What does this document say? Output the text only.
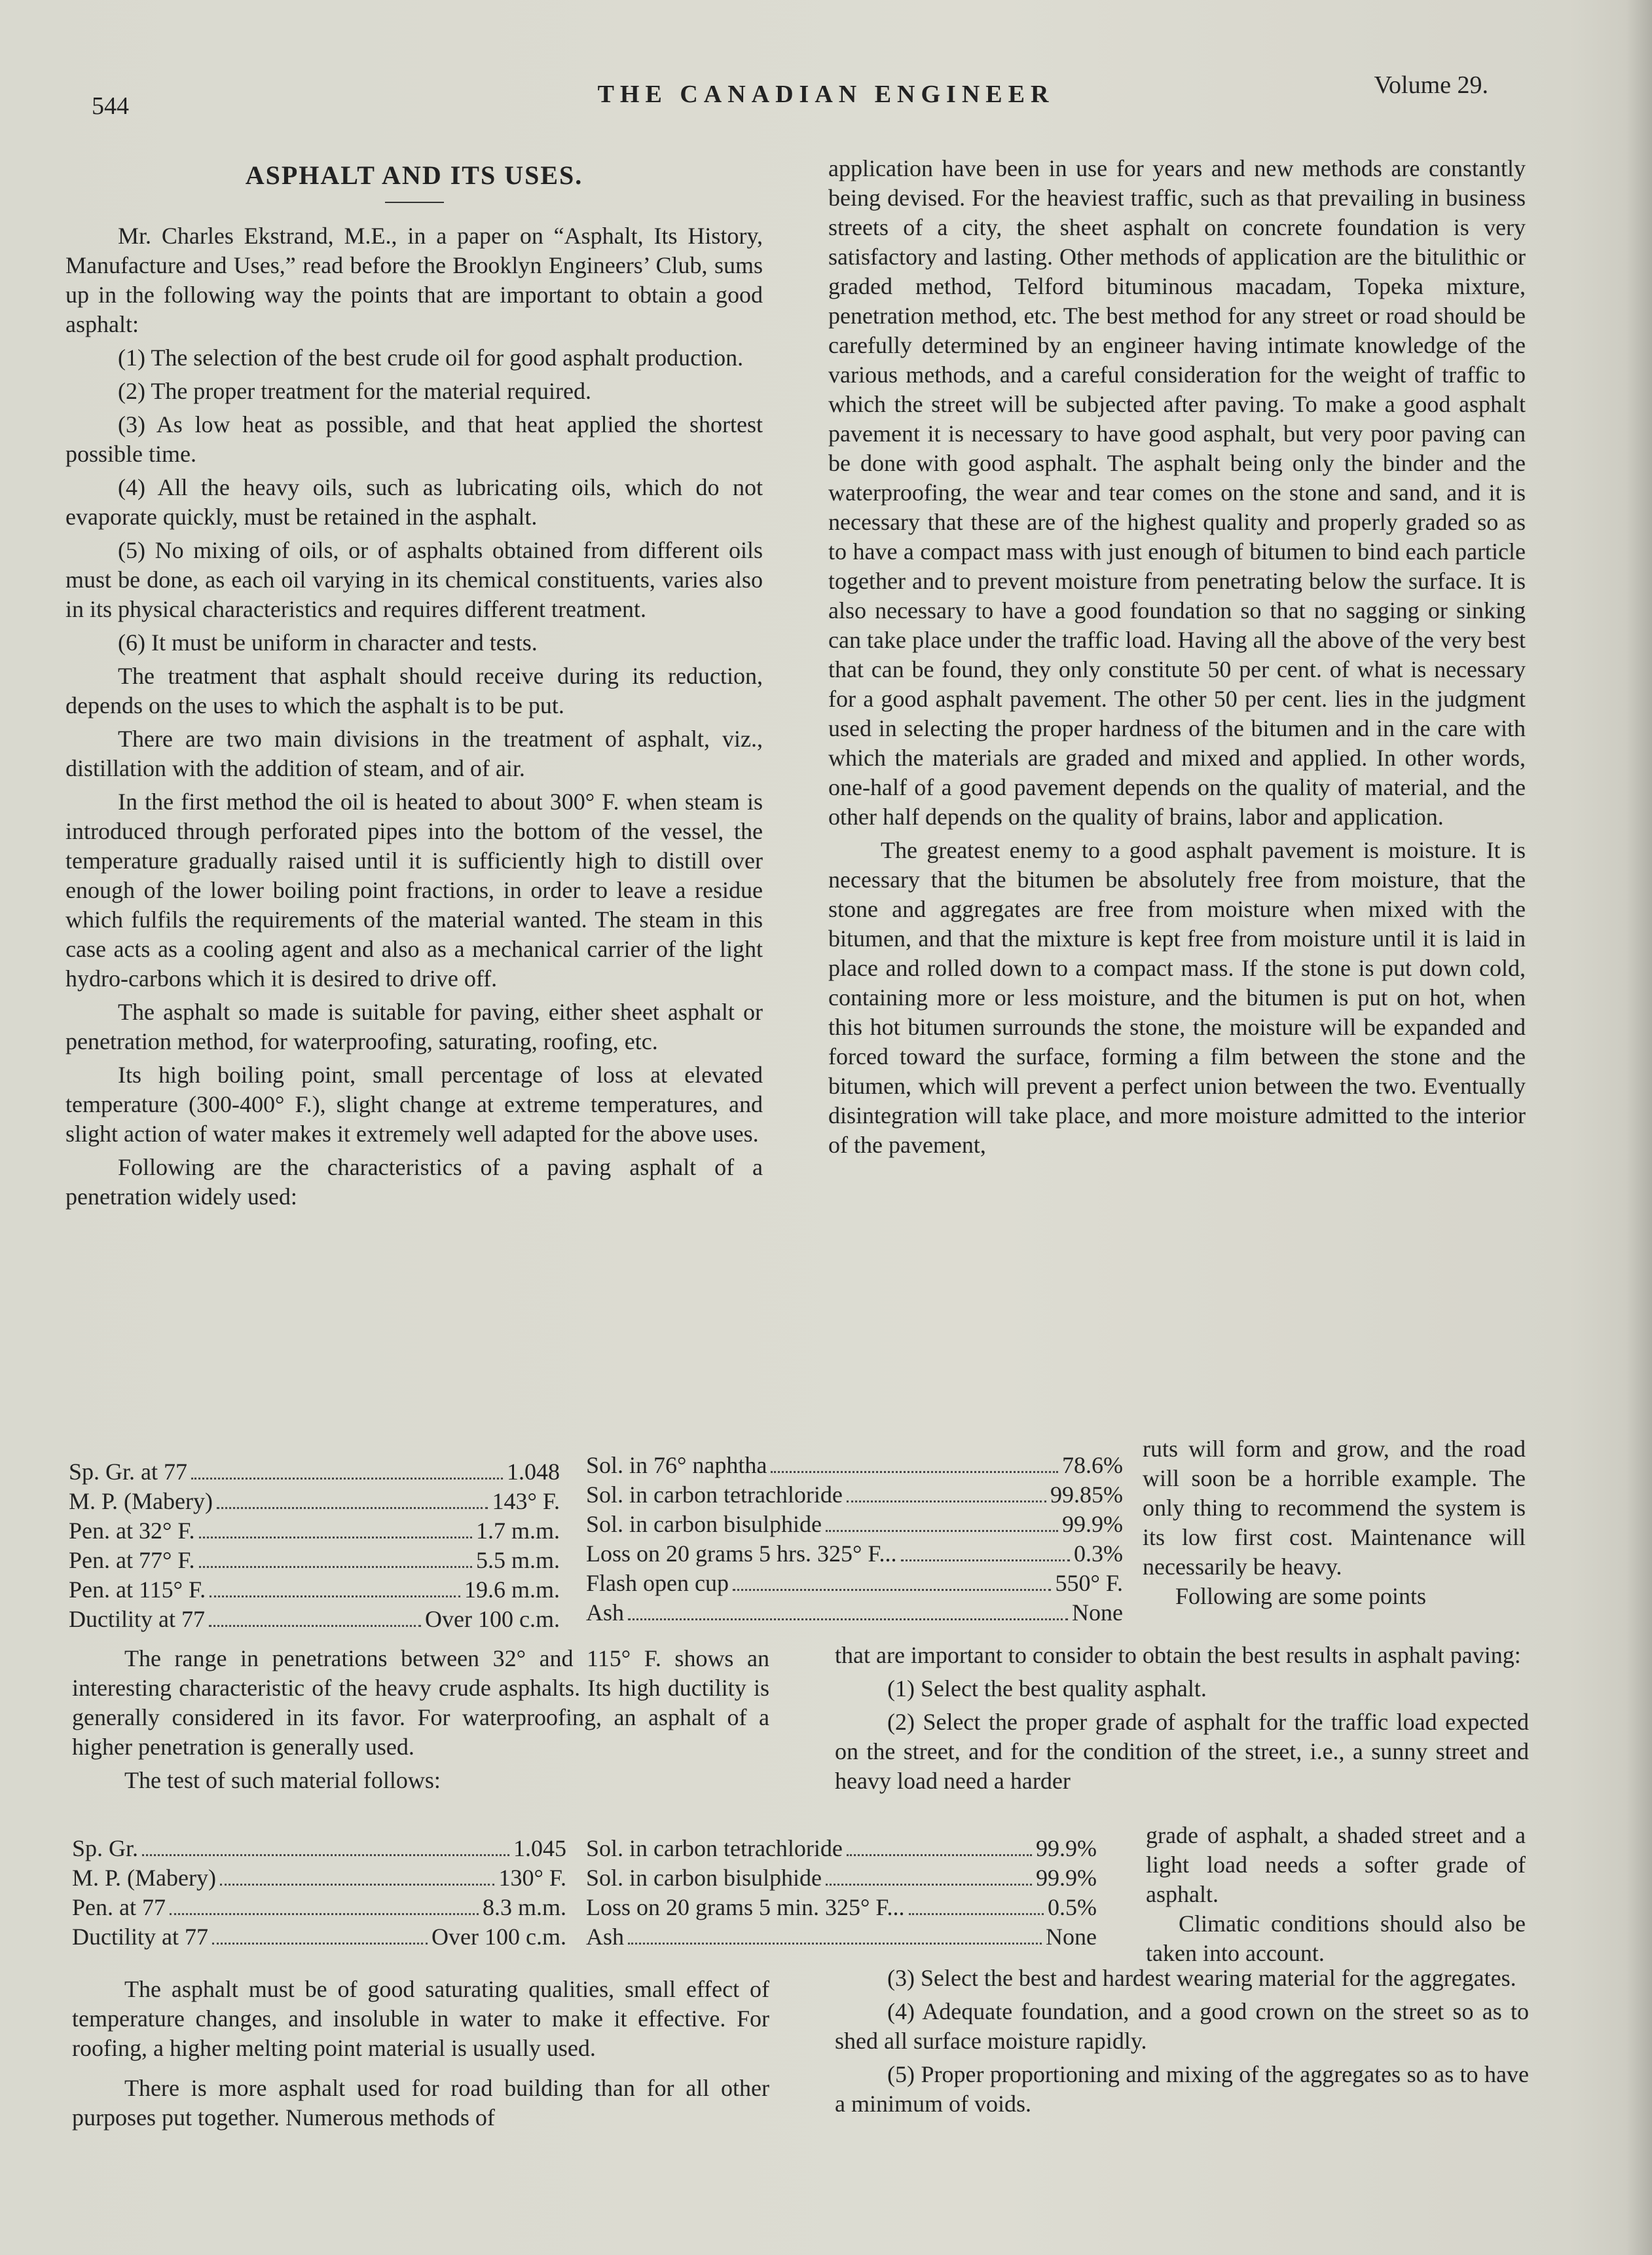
544	THE CANADIAN ENGINEER	Volume 29.
ASPHALT AND ITS USES.

Mr. Charles Ekstrand, M.E., in a paper on “Asphalt, Its History, Manufacture and Uses,” read before the Brooklyn Engineers’ Club, sums up in the following way the points that are important to obtain a good asphalt:

(1) The selection of the best crude oil for good asphalt production.

(2) The proper treatment for the material required.

(3) As low heat as possible, and that heat applied the shortest possible time.

(4) All the heavy oils, such as lubricating oils, which do not evaporate quickly, must be retained in the asphalt.

(5) No mixing of oils, or of asphalts obtained from different oils must be done, as each oil varying in its chemical constituents, varies also in its physical characteristics and requires different treatment.

(6) It must be uniform in character and tests.

The treatment that asphalt should receive during its reduction, depends on the uses to which the asphalt is to be put.

There are two main divisions in the treatment of asphalt, viz., distillation with the addition of steam, and of air.

In the first method the oil is heated to about 300° F. when steam is introduced through perforated pipes into the bottom of the vessel, the temperature gradually raised until it is sufficiently high to distill over enough of the lower boiling point fractions, in order to leave a residue which fulfils the requirements of the material wanted. The steam in this case acts as a cooling agent and also as a mechanical carrier of the light hydro-carbons which it is desired to drive off.

The asphalt so made is suitable for paving, either sheet asphalt or penetration method, for waterproofing, saturating, roofing, etc.

Its high boiling point, small percentage of loss at elevated temperature (300-400° F.), slight change at extreme temperatures, and slight action of water makes it extremely well adapted for the above uses.

Following are the characteristics of a paving asphalt of a penetration widely used:

application have been in use for years and new methods are constantly being devised. For the heaviest traffic, such as that prevailing in business streets of a city, the sheet asphalt on concrete foundation is very satisfactory and lasting. Other methods of application are the bitulithic or graded method, Telford bituminous macadam, Topeka mixture, penetration method, etc. The best method for any street or road should be carefully determined by an engineer having intimate knowledge of the various methods, and a careful consideration for the weight of traffic to which the street will be subjected after paving. To make a good asphalt pavement it is necessary to have good asphalt, but very poor paving can be done with good asphalt. The asphalt being only the binder and the waterproofing, the wear and tear comes on the stone and sand, and it is necessary that these are of the highest quality and properly graded so as to have a compact mass with just enough of bitumen to bind each particle together and to prevent moisture from penetrating below the surface. It is also necessary to have a good foundation so that no sagging or sinking can take place under the traffic load. Having all the above of the very best that can be found, they only constitute 50 per cent. of what is necessary for a good asphalt pavement. The other 50 per cent. lies in the judgment used in selecting the proper hardness of the bitumen and in the care with which the materials are graded and mixed and applied. In other words, one-half of a good pavement depends on the quality of material, and the other half depends on the quality of brains, labor and application.

The greatest enemy to a good asphalt pavement is moisture. It is necessary that the bitumen be absolutely free from moisture, that the stone and aggregates are free from moisture when mixed with the bitumen, and that the mixture is kept free from moisture until it is laid in place and rolled down to a compact mass. If the stone is put down cold, containing more or less moisture, and the bitumen is put on hot, when this hot bitumen surrounds the stone, the moisture will be expanded and forced toward the surface, forming a film between the stone and the bitumen, which will prevent a perfect union between the two. Eventually disintegration will take place, and more moisture admitted to the interior of the pavement,

Sp. Gr. at 77	1.048
M. P. (Mabery)	143° F.
Pen. at 32° F.	1.7 m.m.
Pen. at 77° F.	5.5 m.m.
Pen. at 115° F.	19.6 m.m.
Ductility at 77	Over 100 c.m.
Sol. in 76° naphtha	78.6%
Sol. in carbon tetrachloride	99.85%
Sol. in carbon bisulphide	99.9%
Loss on 20 grams 5 hrs. 325° F...	0.3%
Flash open cup	550° F.
Ash	None

ruts will form and grow, and the road will soon be a horrible example. The only thing to recommend the system is its low first cost. Maintenance will necessarily be heavy.

Following are some points

The range in penetrations between 32° and 115° F. shows an interesting characteristic of the heavy crude asphalts. Its high ductility is generally considered in its favor. For waterproofing, an asphalt of a higher penetration is generally used.

The test of such material follows:

that are important to consider to obtain the best results in asphalt paving:

(1) Select the best quality asphalt.

(2) Select the proper grade of asphalt for the traffic load expected on the street, and for the condition of the street, i.e., a sunny street and heavy load need a harder

Sp. Gr.	1.045
M. P. (Mabery)	130° F.
Pen. at 77	8.3 m.m.
Ductility at 77	Over 100 c.m.
Sol. in carbon tetrachloride	99.9%
Sol. in carbon bisulphide	99.9%
Loss on 20 grams 5 min. 325° F...	0.5%
Ash	None

grade of asphalt, a shaded street and a light load needs a softer grade of asphalt.

Climatic conditions should also be taken into account.

The asphalt must be of good saturating qualities, small effect of temperature changes, and insoluble in water to make it effective. For roofing, a higher melting point material is usually used.

There is more asphalt used for road building than for all other purposes put together. Numerous methods of

(3) Select the best and hardest wearing material for the aggregates.

(4) Adequate foundation, and a good crown on the street so as to shed all surface moisture rapidly.

(5) Proper proportioning and mixing of the aggregates so as to have a minimum of voids.
